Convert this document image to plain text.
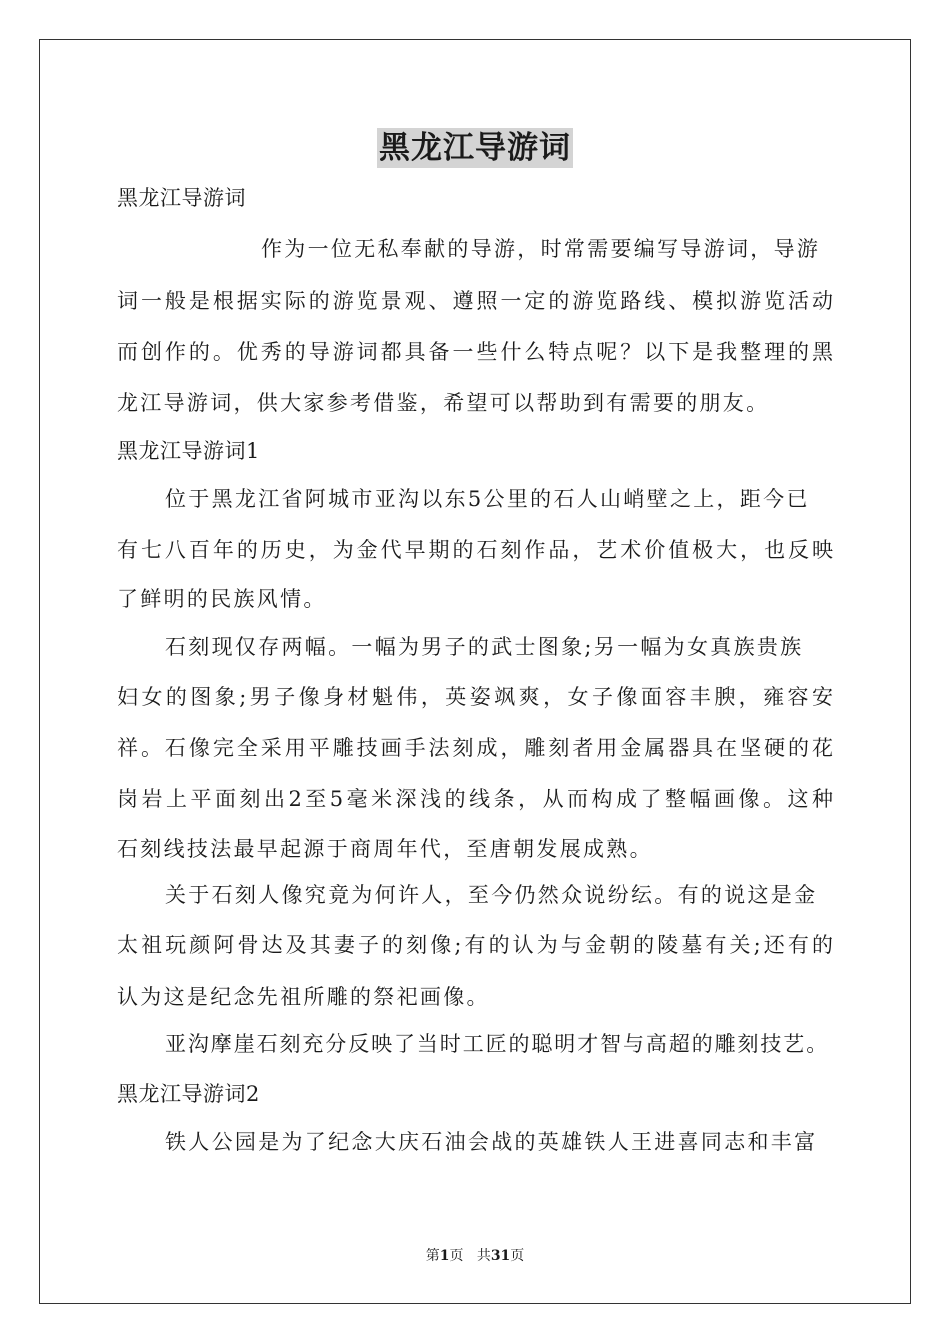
黑龙江导游词
黑龙江导游词
作为一位无私奉献的导游，时常需要编写导游词，导游
词一般是根据实际的游览景观、遵照一定的游览路线、模拟游览活动
而创作的。优秀的导游词都具备一些什么特点呢？以下是我整理的黑
龙江导游词，供大家参考借鉴，希望可以帮助到有需要的朋友。
黑龙江导游词1
位于黑龙江省阿城市亚沟以东5公里的石人山峭壁之上，距今已
有七八百年的历史，为金代早期的石刻作品，艺术价值极大，也反映
了鲜明的民族风情。
石刻现仅存两幅。一幅为男子的武士图象;另一幅为女真族贵族
妇女的图象;男子像身材魁伟，英姿飒爽，女子像面容丰腴，雍容安
祥。石像完全采用平雕技画手法刻成，雕刻者用金属器具在坚硬的花
岗岩上平面刻出2至5毫米深浅的线条，从而构成了整幅画像。这种
石刻线技法最早起源于商周年代，至唐朝发展成熟。
关于石刻人像究竟为何许人，至今仍然众说纷纭。有的说这是金
太祖玩颜阿骨达及其妻子的刻像;有的认为与金朝的陵墓有关;还有的
认为这是纪念先祖所雕的祭祀画像。
亚沟摩崖石刻充分反映了当时工匠的聪明才智与高超的雕刻技艺。
黑龙江导游词2
铁人公园是为了纪念大庆石油会战的英雄铁人王进喜同志和丰富
第1页 共31页
